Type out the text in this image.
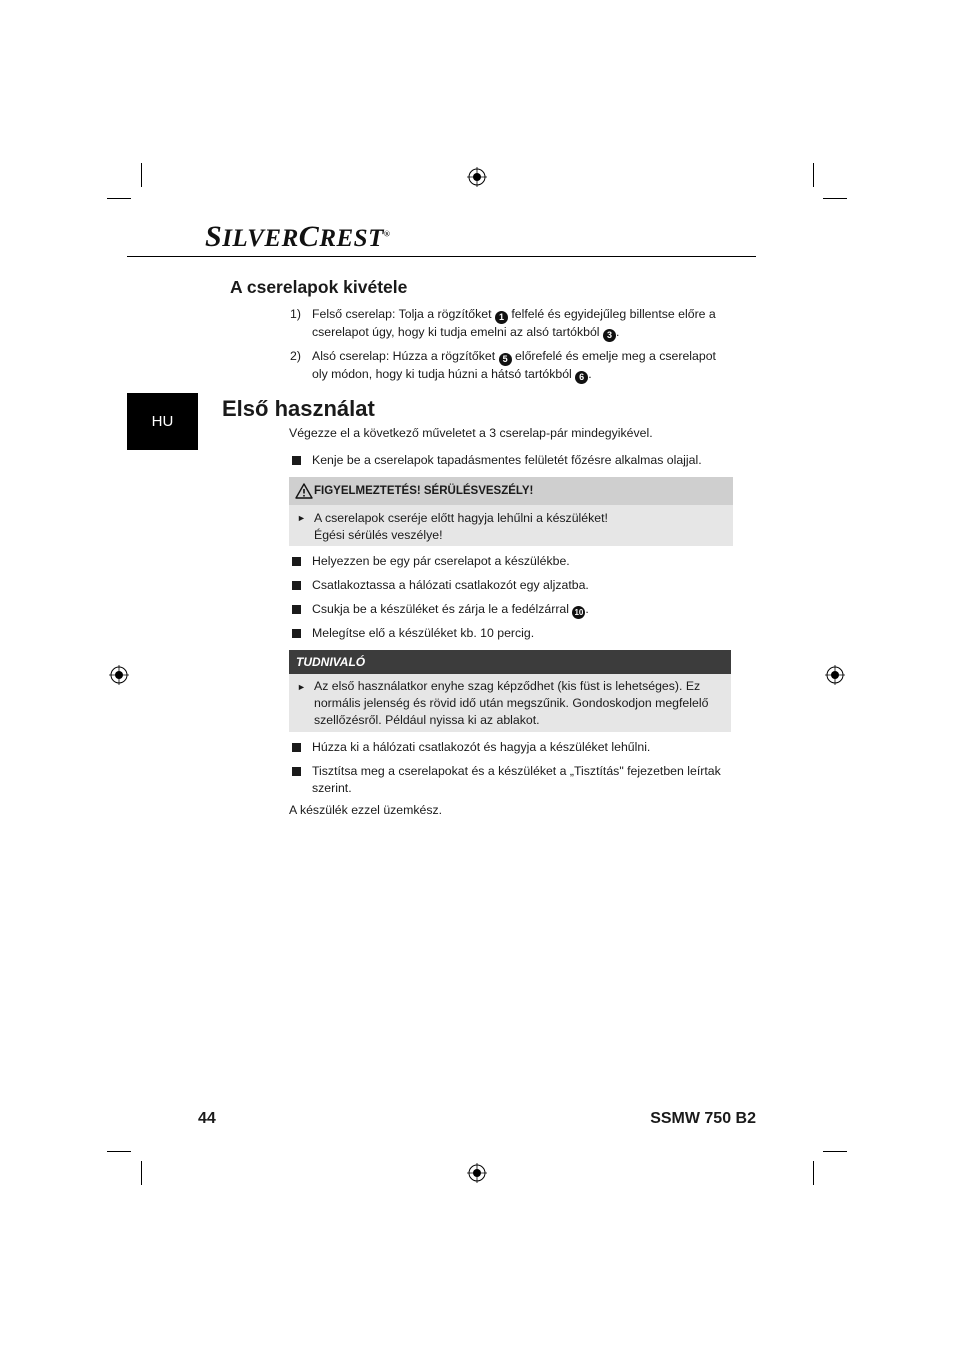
SILVERCREST®
A cserelapok kivétele
1) Felső cserelap: Tolja a rögzítőket 1 felfelé és egyidejűleg billentse előre a cserelapot úgy, hogy ki tudja emelni az alsó tartókból 3 .
2) Alsó cserelap: Húzza a rögzítőket 5 előrefelé és emelje meg a cserelapot oly módon, hogy ki tudja húzni a hátsó tartókból 6 .
HU
Első használat
Végezze el a következő műveletet a 3 cserelap-pár mindegyikével.
Kenje be a cserelapok tapadásmentes felületét főzésre alkalmas olajjal.
FIGYELMEZTETÉS! SÉRÜLÉSVESZÉLY!
► A cserelapok cseréje előtt hagyja lehűlni a készüléket!
Égési sérülés veszélye!
Helyezzen be egy pár cserelapot a készülékbe.
Csatlakoztassa a hálózati csatlakozót egy aljzatba.
Csukja be a készüléket és zárja le a fedélzárral 10 .
Melegítse elő a készüléket kb. 10 percig.
TUDNIVALÓ
► Az első használatkor enyhe szag képződhet (kis füst is lehetséges). Ez normális jelenség és rövid idő után megszűnik. Gondoskodjon megfelelő szellőzésről. Például nyissa ki az ablakot.
Húzza ki a hálózati csatlakozót és hagyja a készüléket lehűlni.
Tisztítsa meg a cserelapokat és a készüléket a „Tisztítás" fejezetben leírtak szerint.
A készülék ezzel üzemkész.
44	SSMW 750 B2
